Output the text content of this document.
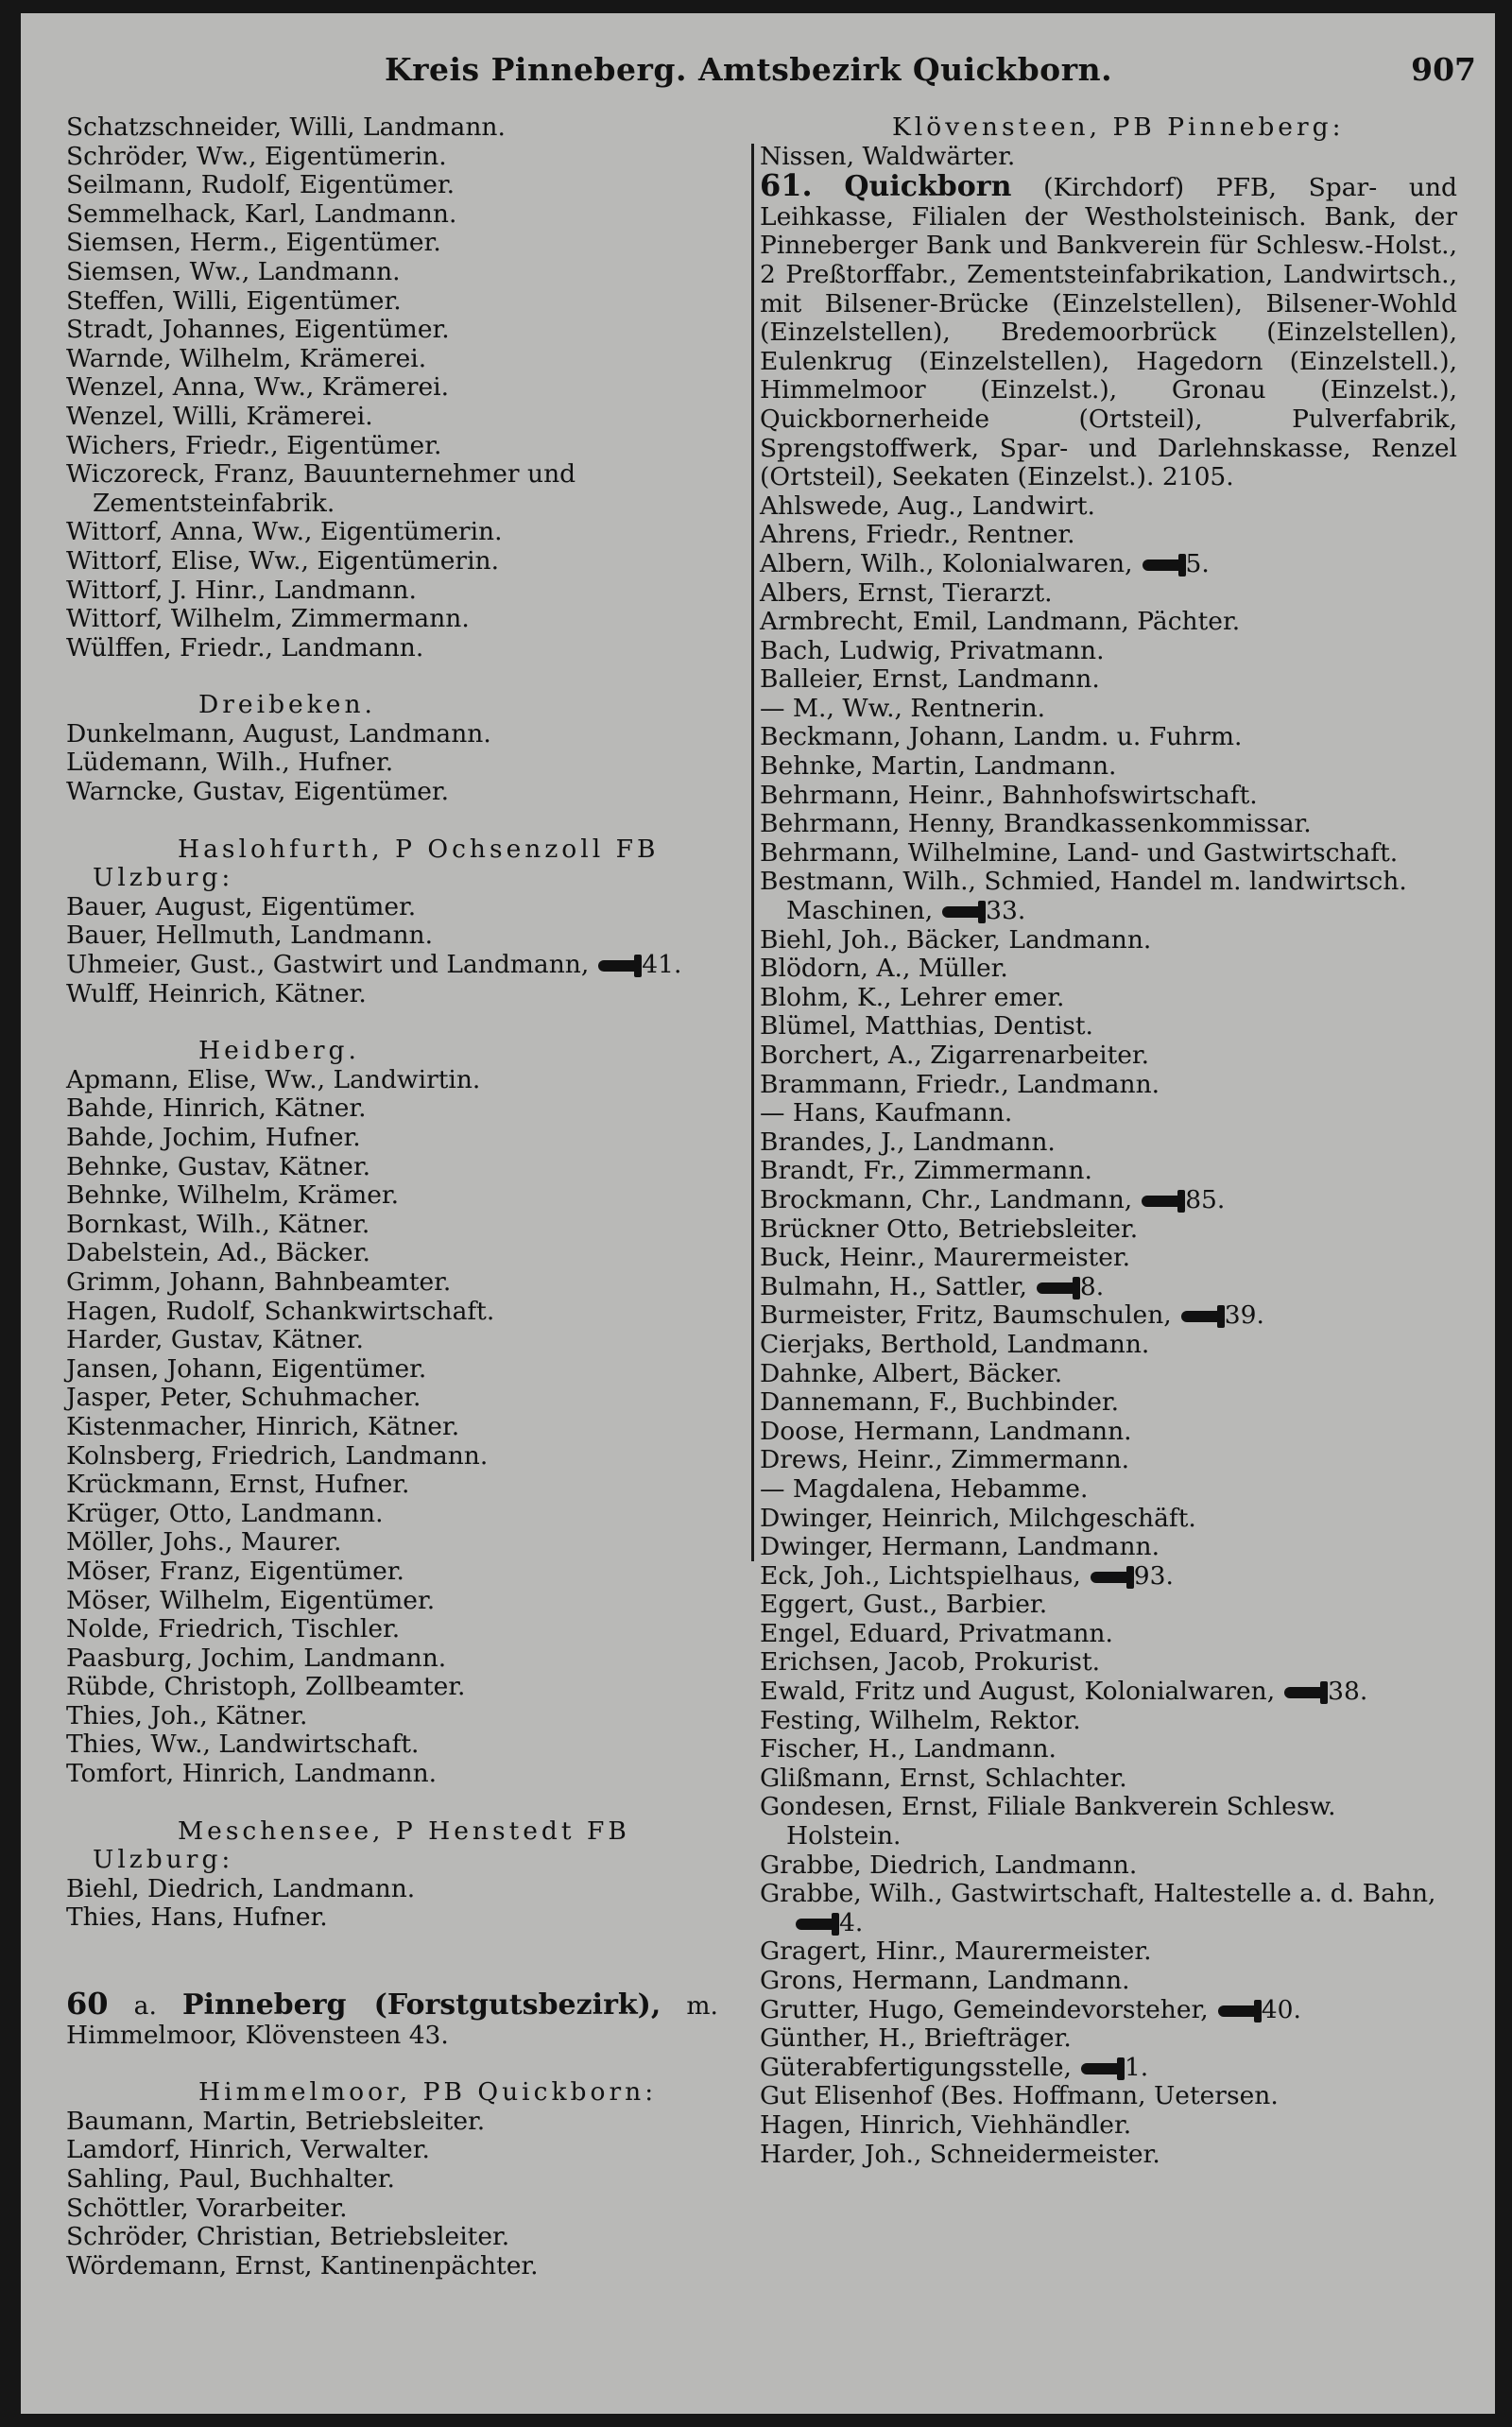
Kreis Pinneberg. Amtsbezirk Quickborn.	907
Schatzschneider, Willi, Landmann.
Schröder, Ww., Eigentümerin.
Seilmann, Rudolf, Eigentümer.
Semmelhack, Karl, Landmann.
Siemsen, Herm., Eigentümer.
Siemsen, Ww., Landmann.
Steffen, Willi, Eigentümer.
Stradt, Johannes, Eigentümer.
Warnde, Wilhelm, Krämerei.
Wenzel, Anna, Ww., Krämerei.
Wenzel, Willi, Krämerei.
Wichers, Friedr., Eigentümer.
Wiczoreck, Franz, Bauunternehmer und Zementsteinfabrik.
Wittorf, Anna, Ww., Eigentümerin.
Wittorf, Elise, Ww., Eigentümerin.
Wittorf, J. Hinr., Landmann.
Wittorf, Wilhelm, Zimmermann.
Wülffen, Friedr., Landmann.
Dreibeken.
Dunkelmann, August, Landmann.
Lüdemann, Wilh., Hufner.
Warncke, Gustav, Eigentümer.
Haslohfurth, P Ochsenzoll FB Ulzburg:
Bauer, August, Eigentümer.
Bauer, Hellmuth, Landmann.
Uhmeier, Gust., Gastwirt und Landmann, 41.
Wulff, Heinrich, Kätner.
Heidberg.
Apmann, Elise, Ww., Landwirtin.
Bahde, Hinrich, Kätner.
Bahde, Jochim, Hufner.
Behnke, Gustav, Kätner.
Behnke, Wilhelm, Krämer.
Bornkast, Wilh., Kätner.
Dabelstein, Ad., Bäcker.
Grimm, Johann, Bahnbeamter.
Hagen, Rudolf, Schankwirtschaft.
Harder, Gustav, Kätner.
Jansen, Johann, Eigentümer.
Jasper, Peter, Schuhmacher.
Kistenmacher, Hinrich, Kätner.
Kolnsberg, Friedrich, Landmann.
Krückmann, Ernst, Hufner.
Krüger, Otto, Landmann.
Möller, Johs., Maurer.
Möser, Franz, Eigentümer.
Möser, Wilhelm, Eigentümer.
Nolde, Friedrich, Tischler.
Paasburg, Jochim, Landmann.
Rübde, Christoph, Zollbeamter.
Thies, Joh., Kätner.
Thies, Ww., Landwirtschaft.
Tomfort, Hinrich, Landmann.
Meschensee, P Henstedt FB Ulzburg:
Biehl, Diedrich, Landmann.
Thies, Hans, Hufner.
60 a. Pinneberg (Forstgutsbezirk), m. Himmelmoor, Klövensteen 43.
Himmelmoor, PB Quickborn:
Baumann, Martin, Betriebsleiter.
Lamdorf, Hinrich, Verwalter.
Sahling, Paul, Buchhalter.
Schöttler, Vorarbeiter.
Schröder, Christian, Betriebsleiter.
Wördemann, Ernst, Kantinenpächter.
Klövensteen, PB Pinneberg:
Nissen, Waldwärter.
61. Quickborn (Kirchdorf) PFB, Spar- und Leihkasse, Filialen der Westholsteinisch. Bank, der Pinneberger Bank und Bankverein für Schlesw.-Holst., 2 Preßtorffabr., Zementsteinfabrikation, Landwirtsch., mit Bilsener-Brücke (Einzelstellen), Bilsener-Wohld (Einzelstellen), Bredemoorbrück (Einzelstellen), Eulenkrug (Einzelstellen), Hagedorn (Einzelstell.), Himmelmoor (Einzelst.), Gronau (Einzelst.), Quickbornerheide (Ortsteil), Pulverfabrik, Sprengstoffwerk, Spar- und Darlehnskasse, Renzel (Ortsteil), Seekaten (Einzelst.). 2105.
Ahlswede, Aug., Landwirt.
Ahrens, Friedr., Rentner.
Albern, Wilh., Kolonialwaren, 5.
Albers, Ernst, Tierarzt.
Armbrecht, Emil, Landmann, Pächter.
Bach, Ludwig, Privatmann.
Balleier, Ernst, Landmann.
— M., Ww., Rentnerin.
Beckmann, Johann, Landm. u. Fuhrm.
Behnke, Martin, Landmann.
Behrmann, Heinr., Bahnhofswirtschaft.
Behrmann, Henny, Brandkassenkommissar.
Behrmann, Wilhelmine, Land- und Gastwirtschaft.
Bestmann, Wilh., Schmied, Handel m. landwirtsch. Maschinen, 33.
Biehl, Joh., Bäcker, Landmann.
Blödorn, A., Müller.
Blohm, K., Lehrer emer.
Blümel, Matthias, Dentist.
Borchert, A., Zigarrenarbeiter.
Brammann, Friedr., Landmann.
— Hans, Kaufmann.
Brandes, J., Landmann.
Brandt, Fr., Zimmermann.
Brockmann, Chr., Landmann, 85.
Brückner Otto, Betriebsleiter.
Buck, Heinr., Maurermeister.
Bulmahn, H., Sattler, 8.
Burmeister, Fritz, Baumschulen, 39.
Cierjaks, Berthold, Landmann.
Dahnke, Albert, Bäcker.
Dannemann, F., Buchbinder.
Doose, Hermann, Landmann.
Drews, Heinr., Zimmermann.
— Magdalena, Hebamme.
Dwinger, Heinrich, Milchgeschäft.
Dwinger, Hermann, Landmann.
Eck, Joh., Lichtspielhaus, 93.
Eggert, Gust., Barbier.
Engel, Eduard, Privatmann.
Erichsen, Jacob, Prokurist.
Ewald, Fritz und August, Kolonialwaren, 38.
Festing, Wilhelm, Rektor.
Fischer, H., Landmann.
Glißmann, Ernst, Schlachter.
Gondesen, Ernst, Filiale Bankverein Schlesw. Holstein.
Grabbe, Diedrich, Landmann.
Grabbe, Wilh., Gastwirtschaft, Haltestelle a. d. Bahn,4.
Gragert, Hinr., Maurermeister.
Grons, Hermann, Landmann.
Grutter, Hugo, Gemeindevorsteher, 40.
Günther, H., Briefträger.
Güterabfertigungsstelle, 1.
Gut Elisenhof (Bes. Hoffmann, Uetersen.
Hagen, Hinrich, Viehhändler.
Harder, Joh., Schneidermeister.
